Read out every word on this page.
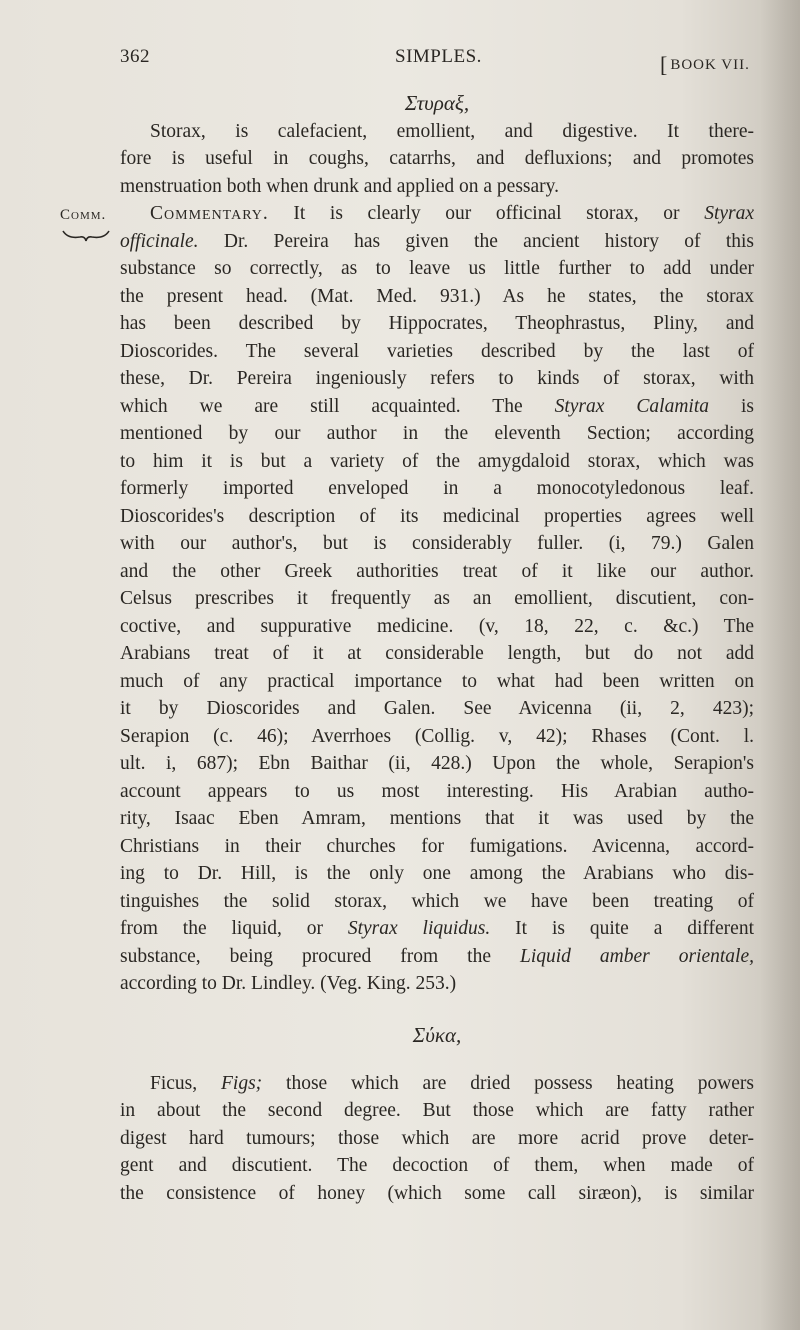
362	SIMPLES.	[ BOOK VII.
Comm.
Στυραξ,
Storax, is calefacient, emollient, and digestive. It there-
fore is useful in coughs, catarrhs, and defluxions; and promotes
menstruation both when drunk and applied on a pessary.
Commentary. It is clearly our officinal storax, or Styrax
officinale. Dr. Pereira has given the ancient history of this
substance so correctly, as to leave us little further to add under
the present head. (Mat. Med. 931.) As he states, the storax
has been described by Hippocrates, Theophrastus, Pliny, and
Dioscorides. The several varieties described by the last of
these, Dr. Pereira ingeniously refers to kinds of storax, with
which we are still acquainted. The Styrax Calamita is
mentioned by our author in the eleventh Section; according
to him it is but a variety of the amygdaloid storax, which was
formerly imported enveloped in a monocotyledonous leaf.
Dioscorides's description of its medicinal properties agrees well
with our author's, but is considerably fuller. (i, 79.) Galen
and the other Greek authorities treat of it like our author.
Celsus prescribes it frequently as an emollient, discutient, con-
coctive, and suppurative medicine. (v, 18, 22, c. &c.) The
Arabians treat of it at considerable length, but do not add
much of any practical importance to what had been written on
it by Dioscorides and Galen. See Avicenna (ii, 2, 423);
Serapion (c. 46); Averrhoes (Collig. v, 42); Rhases (Cont. l.
ult. i, 687); Ebn Baithar (ii, 428.) Upon the whole, Serapion's
account appears to us most interesting. His Arabian autho-
rity, Isaac Eben Amram, mentions that it was used by the
Christians in their churches for fumigations. Avicenna, accord-
ing to Dr. Hill, is the only one among the Arabians who dis-
tinguishes the solid storax, which we have been treating of
from the liquid, or Styrax liquidus. It is quite a different
substance, being procured from the Liquid amber orientale,
according to Dr. Lindley. (Veg. King. 253.)
Σύκα,
Ficus, Figs; those which are dried possess heating powers
in about the second degree. But those which are fatty rather
digest hard tumours; those which are more acrid prove deter-
gent and discutient. The decoction of them, when made of
the consistence of honey (which some call siræon), is similar
